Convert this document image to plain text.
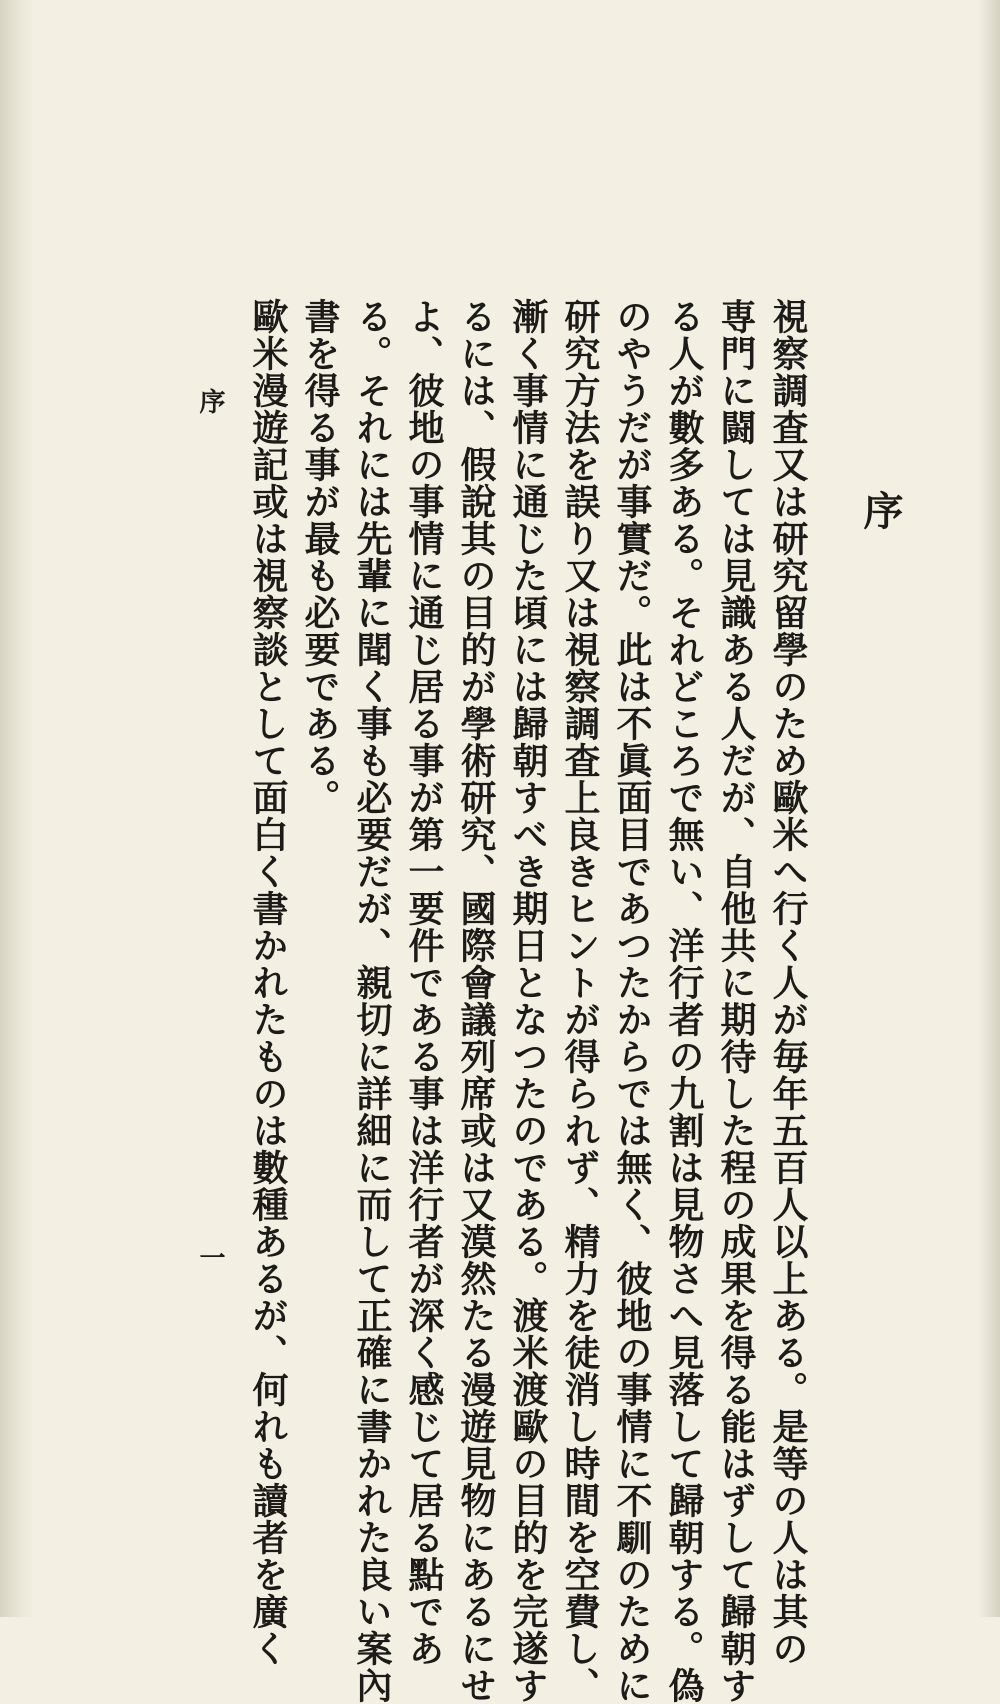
序
視察調査又は研究留學のため歐米へ行く人が毎年五百人以上ある。是等の人は其の
専門に闘しては見識ある人だが、自他共に期待した程の成果を得る能はずして歸朝す
る人が數多ある。それどころで無い、洋行者の九割は見物さへ見落して歸朝する。偽
のやうだが事實だ。此は不眞面目であつたからでは無く、彼地の事情に不馴のために
研究方法を誤り又は視察調査上良きヒントが得られず、精力を徒消し時間を空費し、
漸く事情に通じた頃には歸朝すべき期日となつたのである。渡米渡歐の目的を完遂す
るには、假說其の目的が學術研究、國際會議列席或は又漠然たる漫遊見物にあるにせ
よ、彼地の事情に通じ居る事が第一要件である事は洋行者が深く感じて居る點であ
る。それには先輩に聞く事も必要だが、親切に詳細に而して正確に書かれた良い案內
書を得る事が最も必要である。
歐米漫遊記或は視察談として面白く書かれたものは數種あるが、何れも讀者を廣く
序
一
